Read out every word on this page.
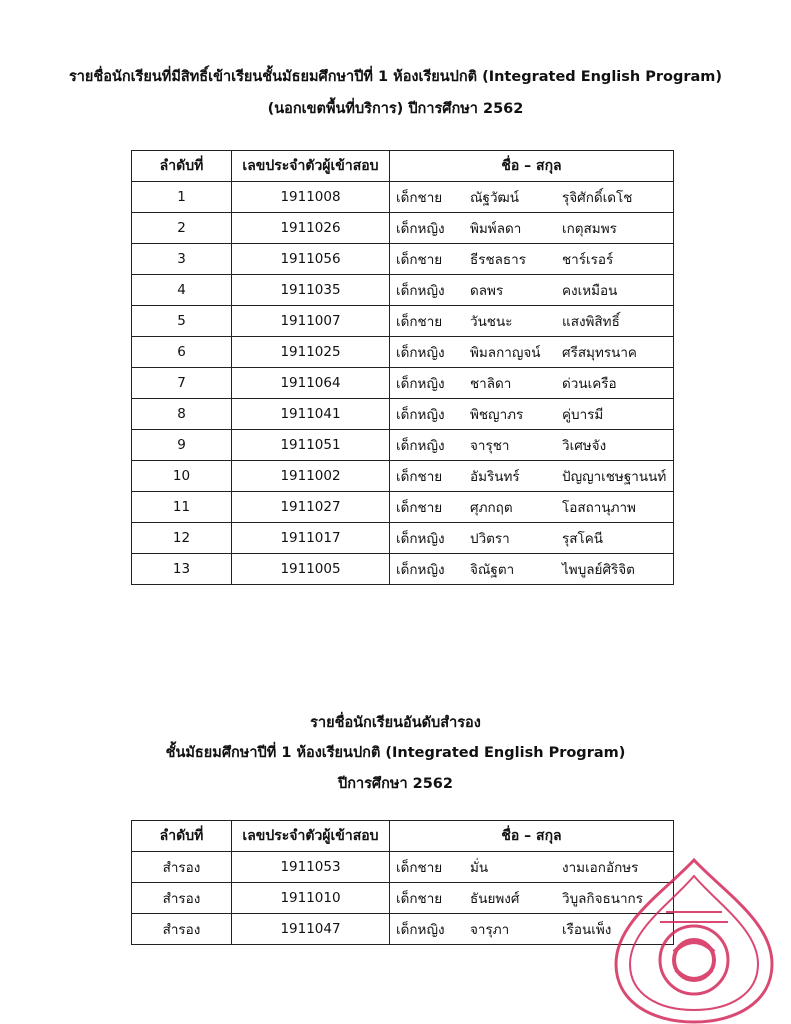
รายชื่อนักเรียนที่มีสิทธิ์เข้าเรียนชั้นมัธยมศึกษาปีที่ 1 ห้องเรียนปกติ (Integrated English Program)
(นอกเขตพื้นที่บริการ) ปีการศึกษา 2562
ลำดับที่	เลขประจำตัวผู้เข้าสอบ	ชื่อ – สกุล
1	1911008	เด็กชาย ณัฐวัฒน์ รุจิศักดิ์เดโช
2	1911026	เด็กหญิง พิมพ์ลดา เกตุสมพร
3	1911056	เด็กชาย ธีรชลธาร ชาร์เรอร์
4	1911035	เด็กหญิง ดลพร คงเหมือน
5	1911007	เด็กชาย วันชนะ แสงพิสิทธิ์
6	1911025	เด็กหญิง พิมลกาญจน์ ศรีสมุทรนาค
7	1911064	เด็กหญิง ชาลิดา ด่วนเครือ
8	1911041	เด็กหญิง พิชญาภร คู่บารมี
9	1911051	เด็กหญิง จารุชา วิเศษจัง
10	1911002	เด็กชาย อัมรินทร์ ปัญญาเชษฐานนท์
11	1911027	เด็กชาย ศุภกฤต โอสถานุภาพ
12	1911017	เด็กหญิง ปวิตรา รุสโคนี
13	1911005	เด็กหญิง จิณัฐตา ไพบูลย์ศิริจิต
รายชื่อนักเรียนอันดับสำรอง
ชั้นมัธยมศึกษาปีที่ 1 ห้องเรียนปกติ (Integrated English Program)
ปีการศึกษา 2562
ลำดับที่	เลขประจำตัวผู้เข้าสอบ	ชื่อ – สกุล
สำรอง	1911053	เด็กชาย มั่น งามเอกอักษร
สำรอง	1911010	เด็กชาย ธันยพงศ์ วิบูลกิจธนากร
สำรอง	1911047	เด็กหญิง จารุภา เรือนเพ็ง
